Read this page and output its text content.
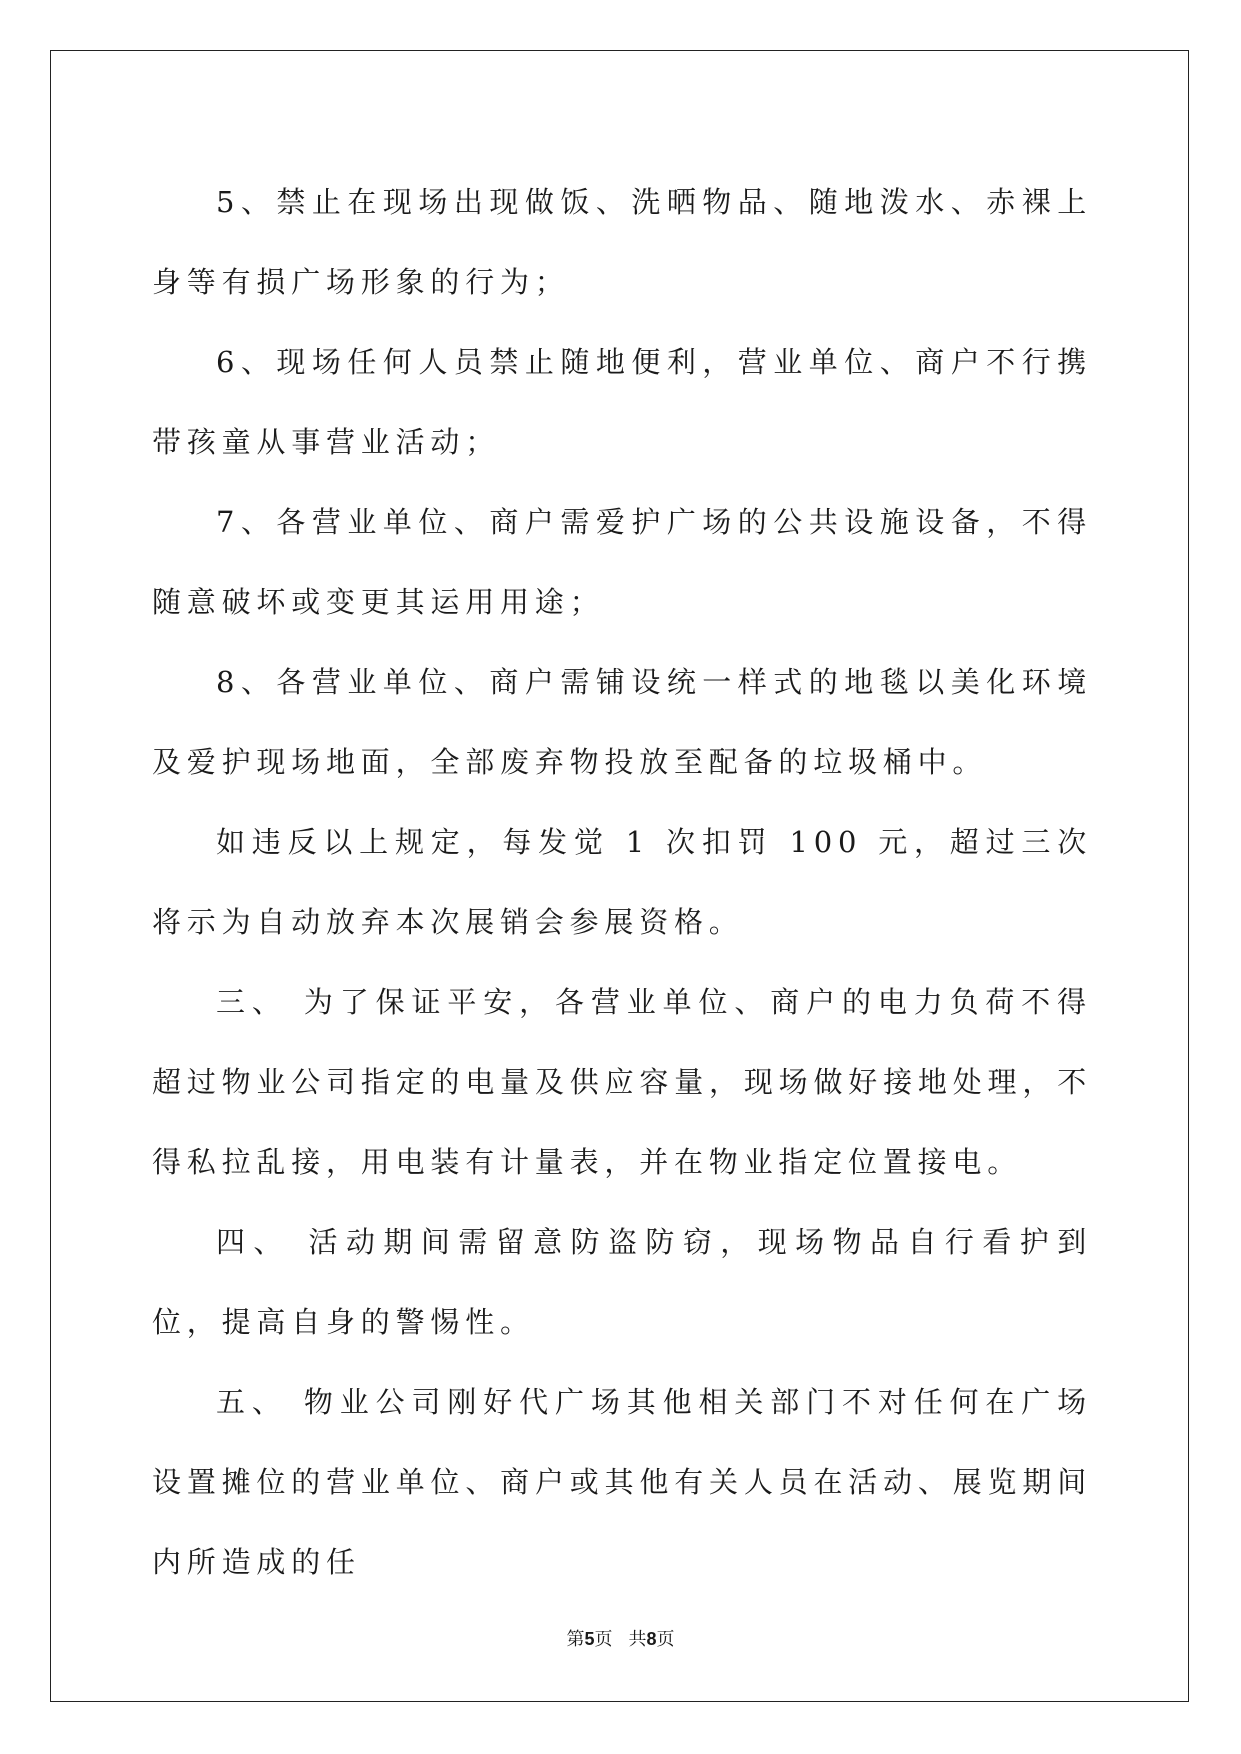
5、禁止在现场出现做饭、洗晒物品、随地泼水、赤裸上身等有损广场形象的行为；

6、现场任何人员禁止随地便利，营业单位、商户不行携带孩童从事营业活动；

7、各营业单位、商户需爱护广场的公共设施设备，不得随意破坏或变更其运用用途；

8、各营业单位、商户需铺设统一样式的地毯以美化环境及爱护现场地面，全部废弃物投放至配备的垃圾桶中。

如违反以上规定，每发觉 1 次扣罚 100 元，超过三次将示为自动放弃本次展销会参展资格。

三、 为了保证平安，各营业单位、商户的电力负荷不得超过物业公司指定的电量及供应容量，现场做好接地处理，不得私拉乱接，用电装有计量表，并在物业指定位置接电。

四、 活动期间需留意防盗防窃，现场物品自行看护到位，提高自身的警惕性。

五、 物业公司刚好代广场其他相关部门不对任何在广场设置摊位的营业单位、商户或其他有关人员在活动、展览期间内所造成的任

第5页 共8页
